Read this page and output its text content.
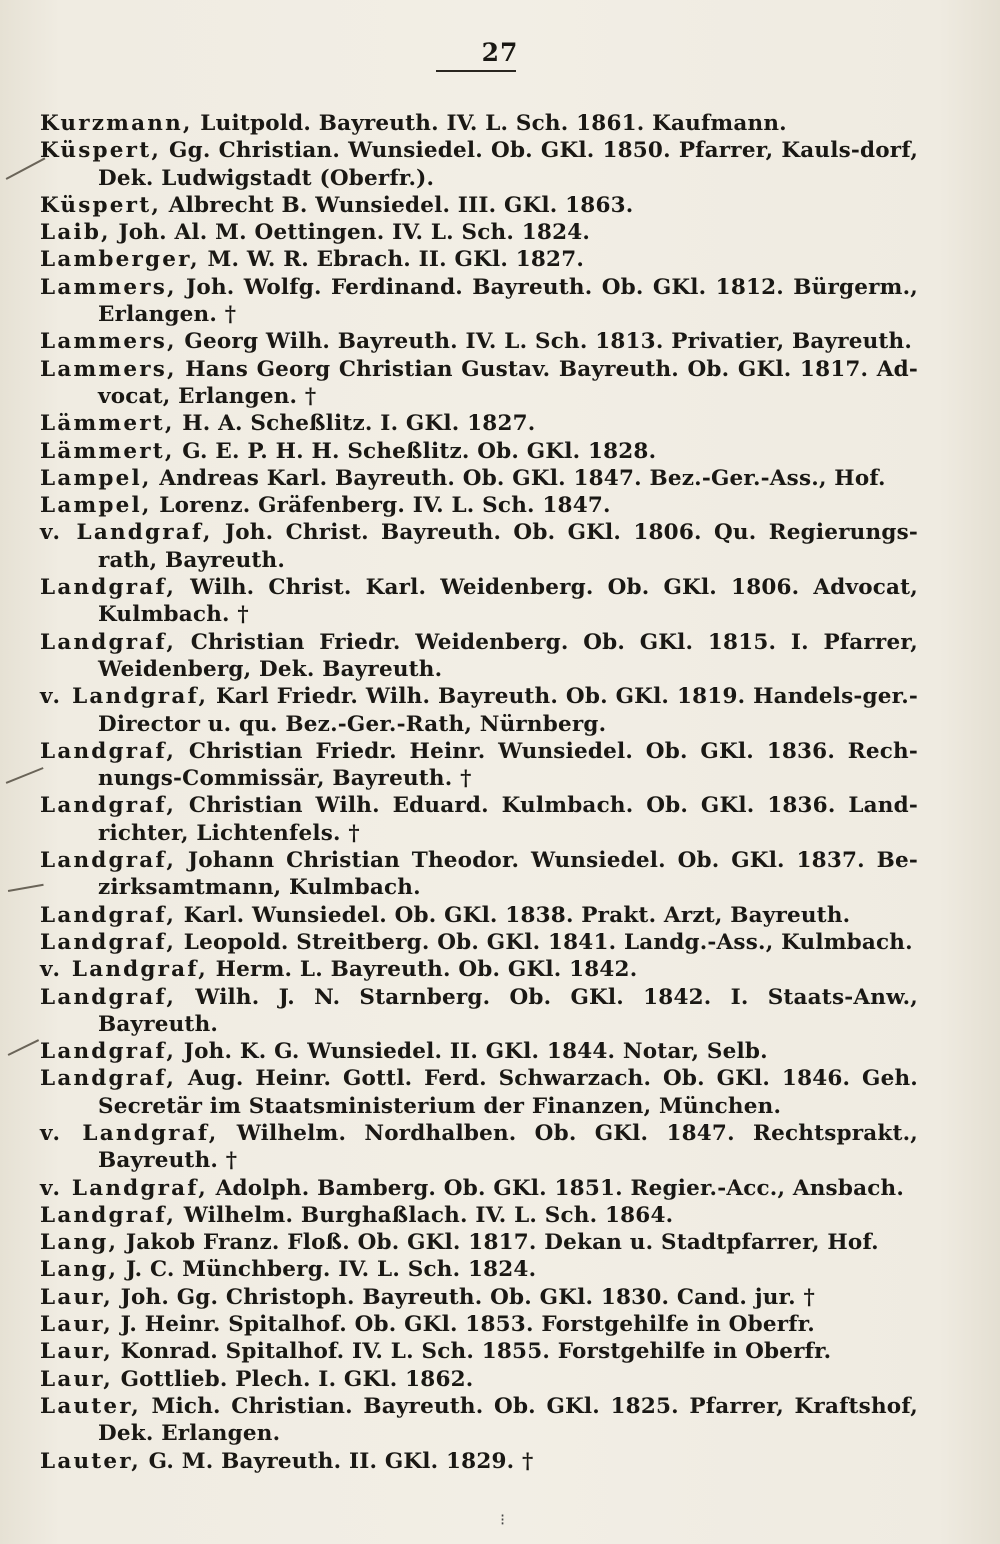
27
Kurzmann, Luitpold. Bayreuth. IV. L. Sch. 1861. Kaufmann.
Küspert, Gg. Christian. Wunsiedel. Ob. GKl. 1850. Pfarrer, Kauls-dorf, Dek. Ludwigstadt (Oberfr.).
Küspert, Albrecht B. Wunsiedel. III. GKl. 1863.
Laib, Joh. Al. M. Oettingen. IV. L. Sch. 1824.
Lamberger, M. W. R. Ebrach. II. GKl. 1827.
Lammers, Joh. Wolfg. Ferdinand. Bayreuth. Ob. GKl. 1812. Bürgerm., Erlangen. †
Lammers, Georg Wilh. Bayreuth. IV. L. Sch. 1813. Privatier, Bayreuth.
Lammers, Hans Georg Christian Gustav. Bayreuth. Ob. GKl. 1817. Ad-vocat, Erlangen. †
Lämmert, H. A. Scheßlitz. I. GKl. 1827.
Lämmert, G. E. P. H. H. Scheßlitz. Ob. GKl. 1828.
Lampel, Andreas Karl. Bayreuth. Ob. GKl. 1847. Bez.-Ger.-Ass., Hof.
Lampel, Lorenz. Gräfenberg. IV. L. Sch. 1847.
v. Landgraf, Joh. Christ. Bayreuth. Ob. GKl. 1806. Qu. Regierungs-rath, Bayreuth.
Landgraf, Wilh. Christ. Karl. Weidenberg. Ob. GKl. 1806. Advocat, Kulmbach. †
Landgraf, Christian Friedr. Weidenberg. Ob. GKl. 1815. I. Pfarrer, Weidenberg, Dek. Bayreuth.
v. Landgraf, Karl Friedr. Wilh. Bayreuth. Ob. GKl. 1819. Handels-ger.-Director u. qu. Bez.-Ger.-Rath, Nürnberg.
Landgraf, Christian Friedr. Heinr. Wunsiedel. Ob. GKl. 1836. Rech-nungs-Commissär, Bayreuth. †
Landgraf, Christian Wilh. Eduard. Kulmbach. Ob. GKl. 1836. Land-richter, Lichtenfels. †
Landgraf, Johann Christian Theodor. Wunsiedel. Ob. GKl. 1837. Be-zirksamtmann, Kulmbach.
Landgraf, Karl. Wunsiedel. Ob. GKl. 1838. Prakt. Arzt, Bayreuth.
Landgraf, Leopold. Streitberg. Ob. GKl. 1841. Landg.-Ass., Kulmbach.
v. Landgraf, Herm. L. Bayreuth. Ob. GKl. 1842.
Landgraf, Wilh. J. N. Starnberg. Ob. GKl. 1842. I. Staats-Anw., Bayreuth.
Landgraf, Joh. K. G. Wunsiedel. II. GKl. 1844. Notar, Selb.
Landgraf, Aug. Heinr. Gottl. Ferd. Schwarzach. Ob. GKl. 1846. Geh. Secretär im Staatsministerium der Finanzen, München.
v. Landgraf, Wilhelm. Nordhalben. Ob. GKl. 1847. Rechtsprakt., Bayreuth. †
v. Landgraf, Adolph. Bamberg. Ob. GKl. 1851. Regier.-Acc., Ansbach.
Landgraf, Wilhelm. Burghaßlach. IV. L. Sch. 1864.
Lang, Jakob Franz. Floß. Ob. GKl. 1817. Dekan u. Stadtpfarrer, Hof.
Lang, J. C. Münchberg. IV. L. Sch. 1824.
Laur, Joh. Gg. Christoph. Bayreuth. Ob. GKl. 1830. Cand. jur. †
Laur, J. Heinr. Spitalhof. Ob. GKl. 1853. Forstgehilfe in Oberfr.
Laur, Konrad. Spitalhof. IV. L. Sch. 1855. Forstgehilfe in Oberfr.
Laur, Gottlieb. Plech. I. GKl. 1862.
Lauter, Mich. Christian. Bayreuth. Ob. GKl. 1825. Pfarrer, Kraftshof, Dek. Erlangen.
Lauter, G. M. Bayreuth. II. GKl. 1829. †
⁝
